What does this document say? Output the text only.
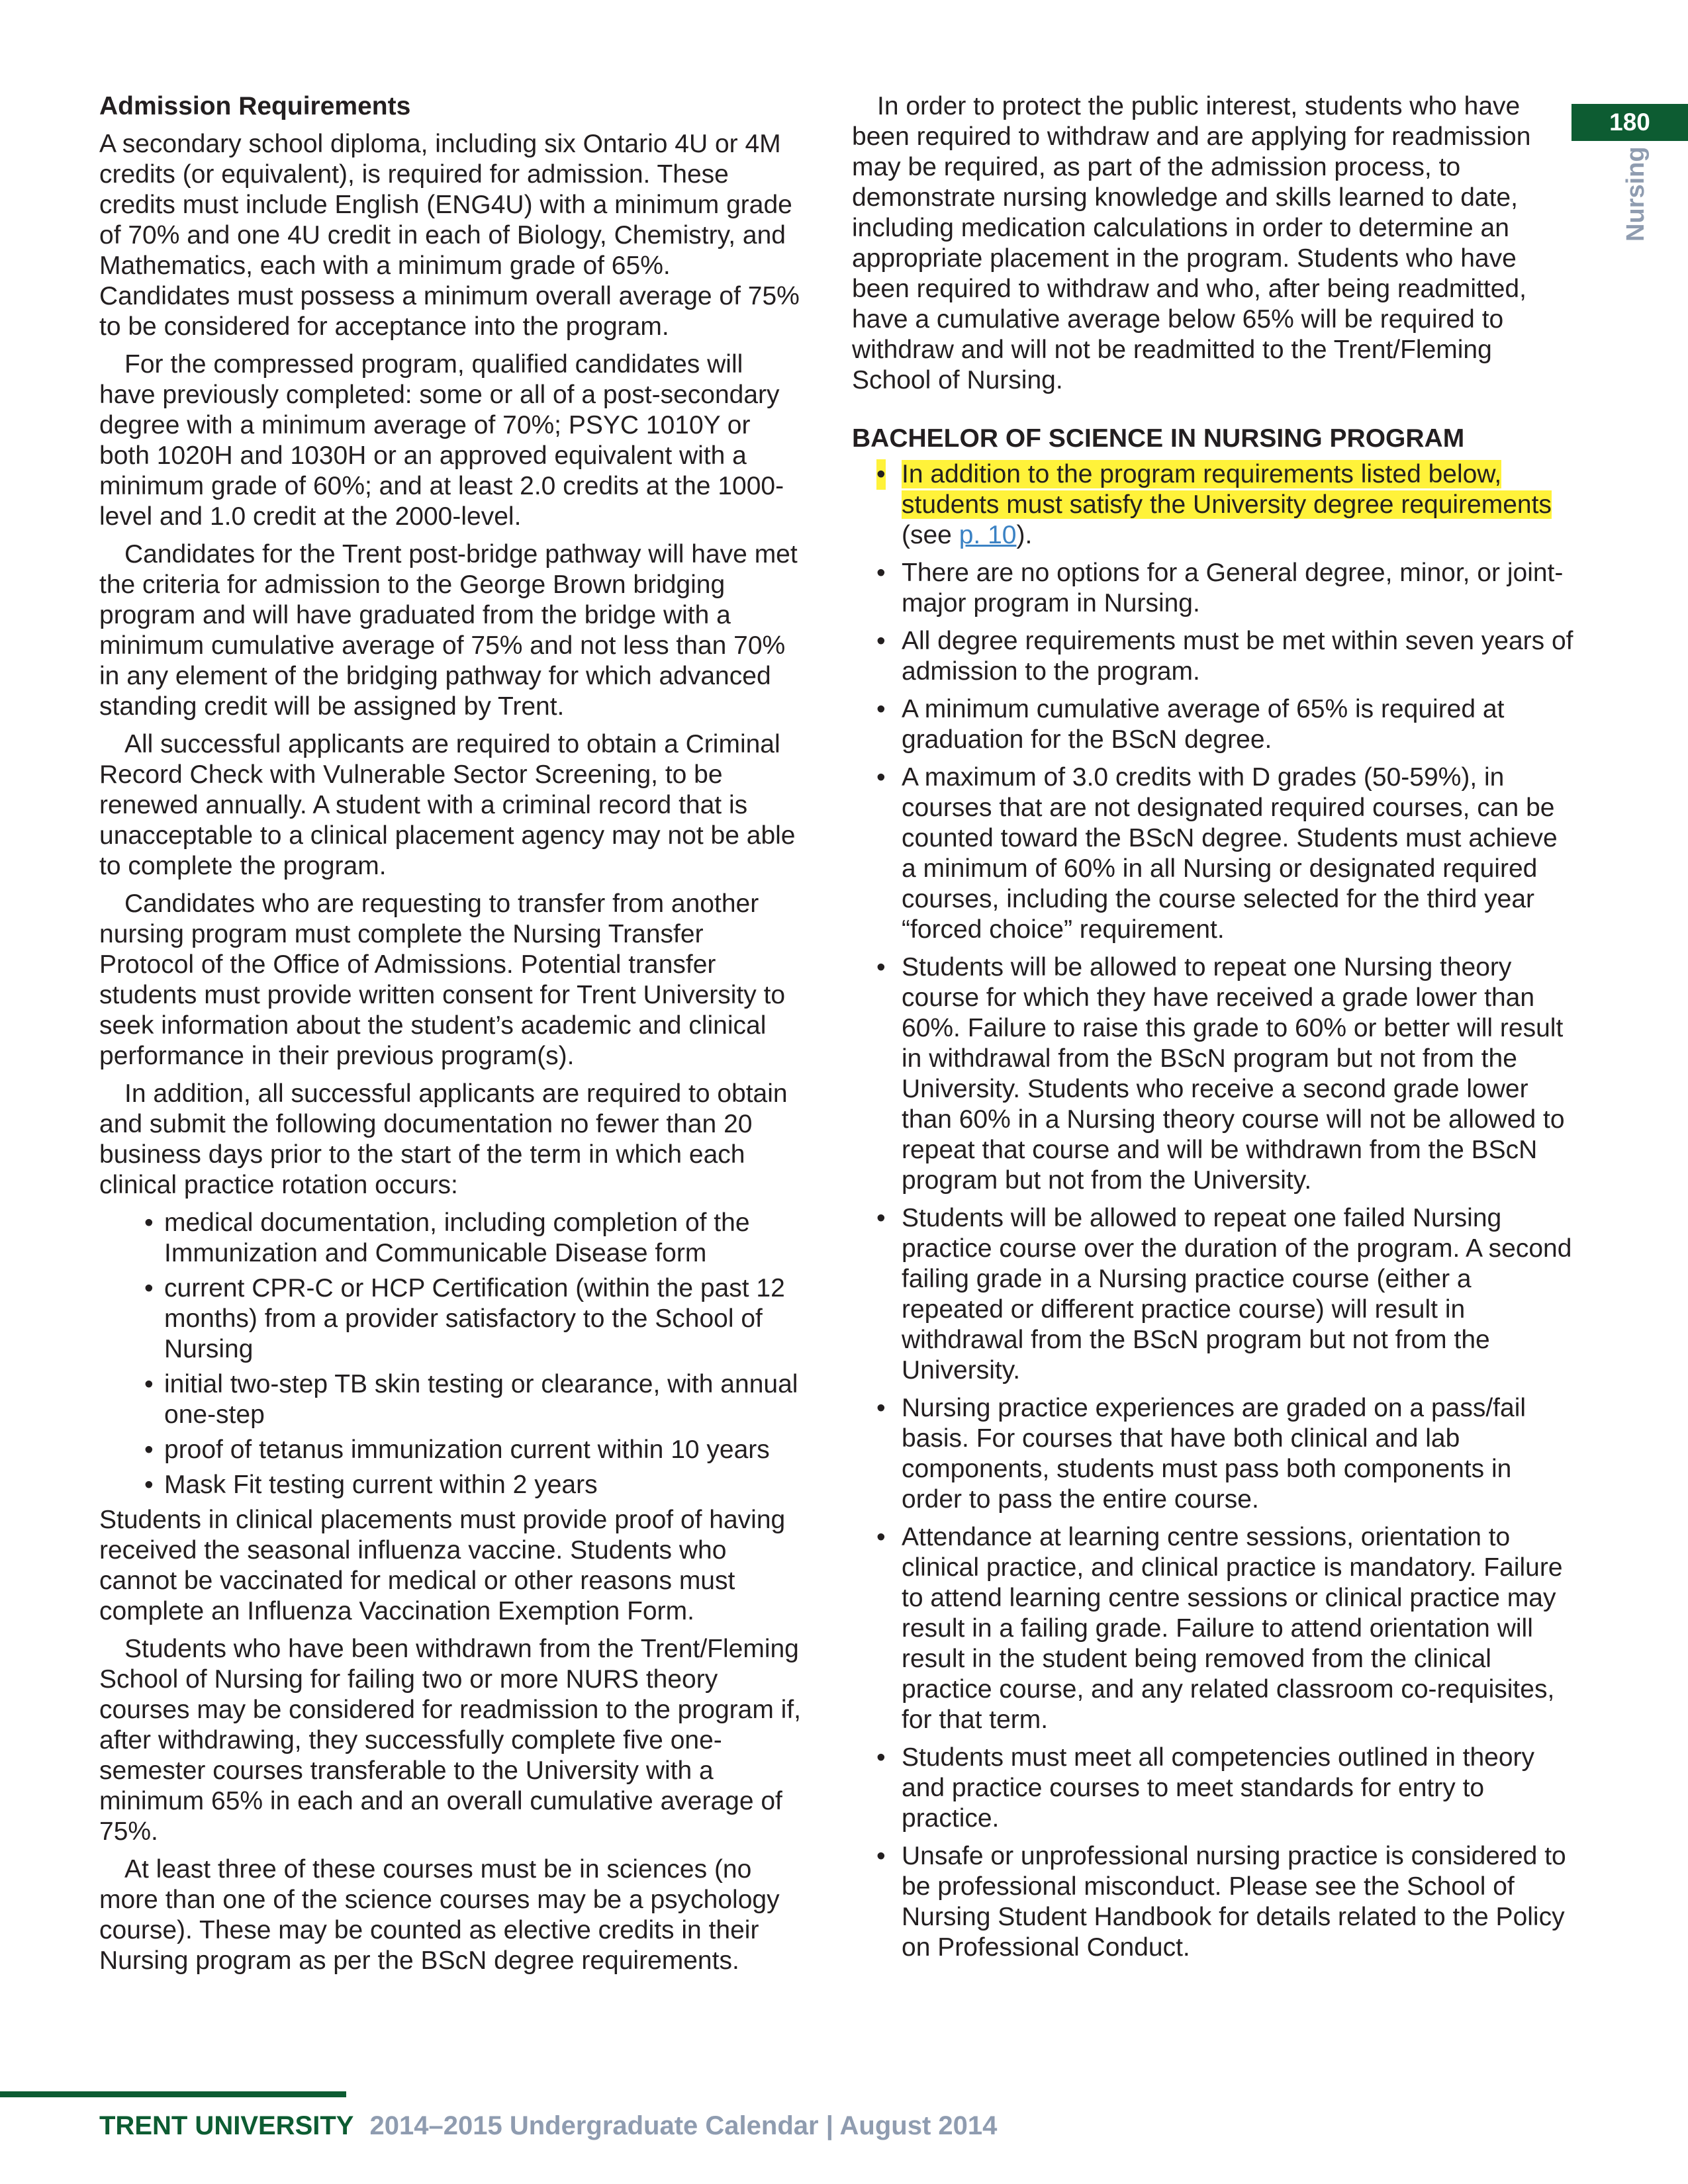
Admission Requirements

A secondary school diploma, including six Ontario 4U or 4M credits (or equivalent), is required for admission. These credits must include English (ENG4U) with a minimum grade of 70% and one 4U credit in each of Biology, Chemistry, and Mathematics, each with a minimum grade of 65%. Candidates must possess a minimum overall average of 75% to be considered for acceptance into the program.

For the compressed program, qualified candidates will have previously completed: some or all of a post-secondary degree with a minimum average of 70%; PSYC 1010Y or both 1020H and 1030H or an approved equivalent with a minimum grade of 60%; and at least 2.0 credits at the 1000-level and 1.0 credit at the 2000-level.

Candidates for the Trent post-bridge pathway will have met the criteria for admission to the George Brown bridging program and will have graduated from the bridge with a minimum cumulative average of 75% and not less than 70% in any element of the bridging pathway for which advanced standing credit will be assigned by Trent.

All successful applicants are required to obtain a Criminal Record Check with Vulnerable Sector Screening, to be renewed annually. A student with a criminal record that is unacceptable to a clinical placement agency may not be able to complete the program.

Candidates who are requesting to transfer from another nursing program must complete the Nursing Transfer Protocol of the Office of Admissions. Potential transfer students must provide written consent for Trent University to seek information about the student’s academic and clinical performance in their previous program(s).

In addition, all successful applicants are required to obtain and submit the following documentation no fewer than 20 business days prior to the start of the term in which each clinical practice rotation occurs:

• medical documentation, including completion of the Immunization and Communicable Disease form
• current CPR-C or HCP Certification (within the past 12 months) from a provider satisfactory to the School of Nursing
• initial two-step TB skin testing or clearance, with annual one-step
• proof of tetanus immunization current within 10 years
• Mask Fit testing current within 2 years

Students in clinical placements must provide proof of having received the seasonal influenza vaccine. Students who cannot be vaccinated for medical or other reasons must complete an Influenza Vaccination Exemption Form.

Students who have been withdrawn from the Trent/Fleming School of Nursing for failing two or more NURS theory courses may be considered for readmission to the program if, after withdrawing, they successfully complete five one-semester courses transferable to the University with a minimum 65% in each and an overall cumulative average of 75%.

At least three of these courses must be in sciences (no more than one of the science courses may be a psychology course). These may be counted as elective credits in their Nursing program as per the BScN degree requirements.

In order to protect the public interest, students who have been required to withdraw and are applying for readmission may be required, as part of the admission process, to demonstrate nursing knowledge and skills learned to date, including medication calculations in order to determine an appropriate placement in the program. Students who have been required to withdraw and who, after being readmitted, have a cumulative average below 65% will be required to withdraw and will not be readmitted to the Trent/Fleming School of Nursing.

BACHELOR OF SCIENCE IN NURSING PROGRAM

• In addition to the program requirements listed below, students must satisfy the University degree requirements (see p. 10).
• There are no options for a General degree, minor, or joint-major program in Nursing.
• All degree requirements must be met within seven years of admission to the program.
• A minimum cumulative average of 65% is required at graduation for the BScN degree.
• A maximum of 3.0 credits with D grades (50-59%), in courses that are not designated required courses, can be counted toward the BScN degree. Students must achieve a minimum of 60% in all Nursing or designated required courses, including the course selected for the third year “forced choice” requirement.
• Students will be allowed to repeat one Nursing theory course for which they have received a grade lower than 60%. Failure to raise this grade to 60% or better will result in withdrawal from the BScN program but not from the University. Students who receive a second grade lower than 60% in a Nursing theory course will not be allowed to repeat that course and will be withdrawn from the BScN program but not from the University.
• Students will be allowed to repeat one failed Nursing practice course over the duration of the program. A second failing grade in a Nursing practice course (either a repeated or different practice course) will result in withdrawal from the BScN program but not from the University.
• Nursing practice experiences are graded on a pass/fail basis. For courses that have both clinical and lab components, students must pass both components in order to pass the entire course.
• Attendance at learning centre sessions, orientation to clinical practice, and clinical practice is mandatory. Failure to attend learning centre sessions or clinical practice may result in a failing grade. Failure to attend orientation will result in the student being removed from the clinical practice course, and any related classroom co-requisites, for that term.
• Students must meet all competencies outlined in theory and practice courses to meet standards for entry to practice.
• Unsafe or unprofessional nursing practice is considered to be professional misconduct. Please see the School of Nursing Student Handbook for details related to the Policy on Professional Conduct.
180
Nursing
TRENT UNIVERSITY 2014–2015 Undergraduate Calendar | August 2014
